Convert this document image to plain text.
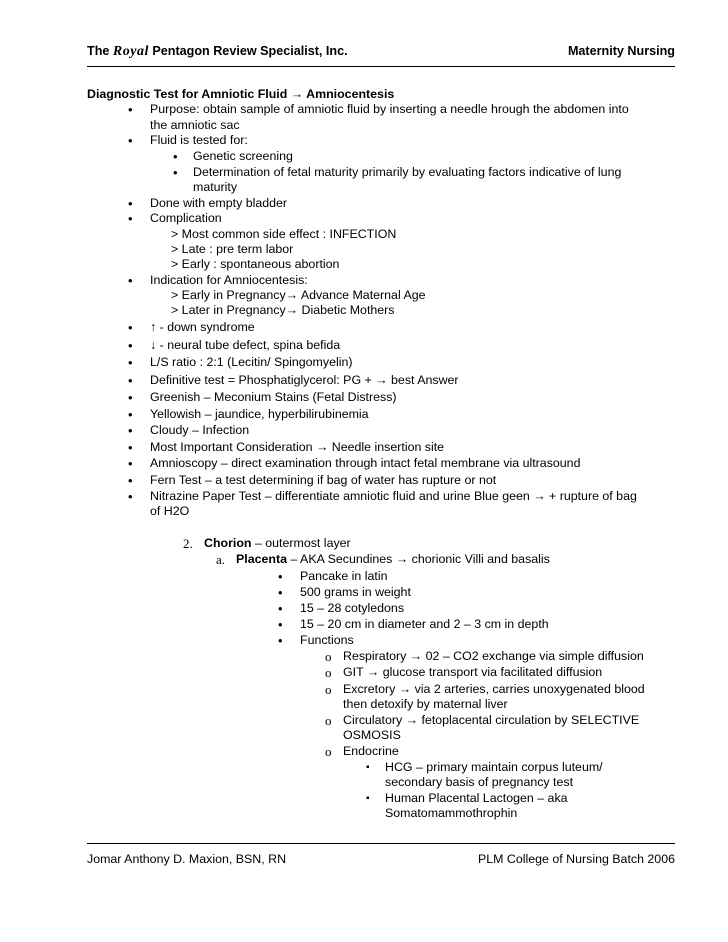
The Royal Pentagon Review Specialist, Inc.	Maternity Nursing
Diagnostic Test for Amniotic Fluid → Amniocentesis
• Purpose: obtain sample of amniotic fluid by inserting a needle hrough the abdomen into
the amniotic sac
• Fluid is tested for:
• Genetic screening
• Determination of fetal maturity primarily by evaluating factors indicative of lung
maturity
• Done with empty bladder
• Complication
> Most common side effect : INFECTION
> Late : pre term labor
> Early : spontaneous abortion
• Indication for Amniocentesis:
> Early in Pregnancy→ Advance Maternal Age
> Later in Pregnancy→ Diabetic Mothers
• ↑ - down syndrome
• ↓ - neural tube defect, spina befida
• L/S ratio : 2:1 (Lecitin/ Spingomyelin)
• Definitive test = Phosphatiglycerol: PG + → best Answer
• Greenish – Meconium Stains (Fetal Distress)
• Yellowish – jaundice, hyperbilirubinemia
• Cloudy – Infection
• Most Important Consideration → Needle insertion site
• Amnioscopy – direct examination through intact fetal membrane via ultrasound
• Fern Test – a test determining if bag of water has rupture or not
• Nitrazine Paper Test – differentiate amniotic fluid and urine Blue geen → + rupture of bag
of H2O
2. Chorion – outermost layer
a. Placenta – AKA Secundines → chorionic Villi and basalis
• Pancake in latin
• 500 grams in weight
• 15 – 28 cotyledons
• 15 – 20 cm in diameter and 2 – 3 cm in depth
• Functions
o Respiratory → 02 – CO2 exchange via simple diffusion
o GIT → glucose transport via facilitated diffusion
o Excretory → via 2 arteries, carries unoxygenated blood
then detoxify by maternal liver
o Circulatory → fetoplacental circulation by SELECTIVE
OSMOSIS
o Endocrine
▪ HCG – primary maintain corpus luteum/
secondary basis of pregnancy test
▪ Human Placental Lactogen – aka
Somatomammothrophin
Jomar Anthony D. Maxion, BSN, RN	PLM College of Nursing Batch 2006
